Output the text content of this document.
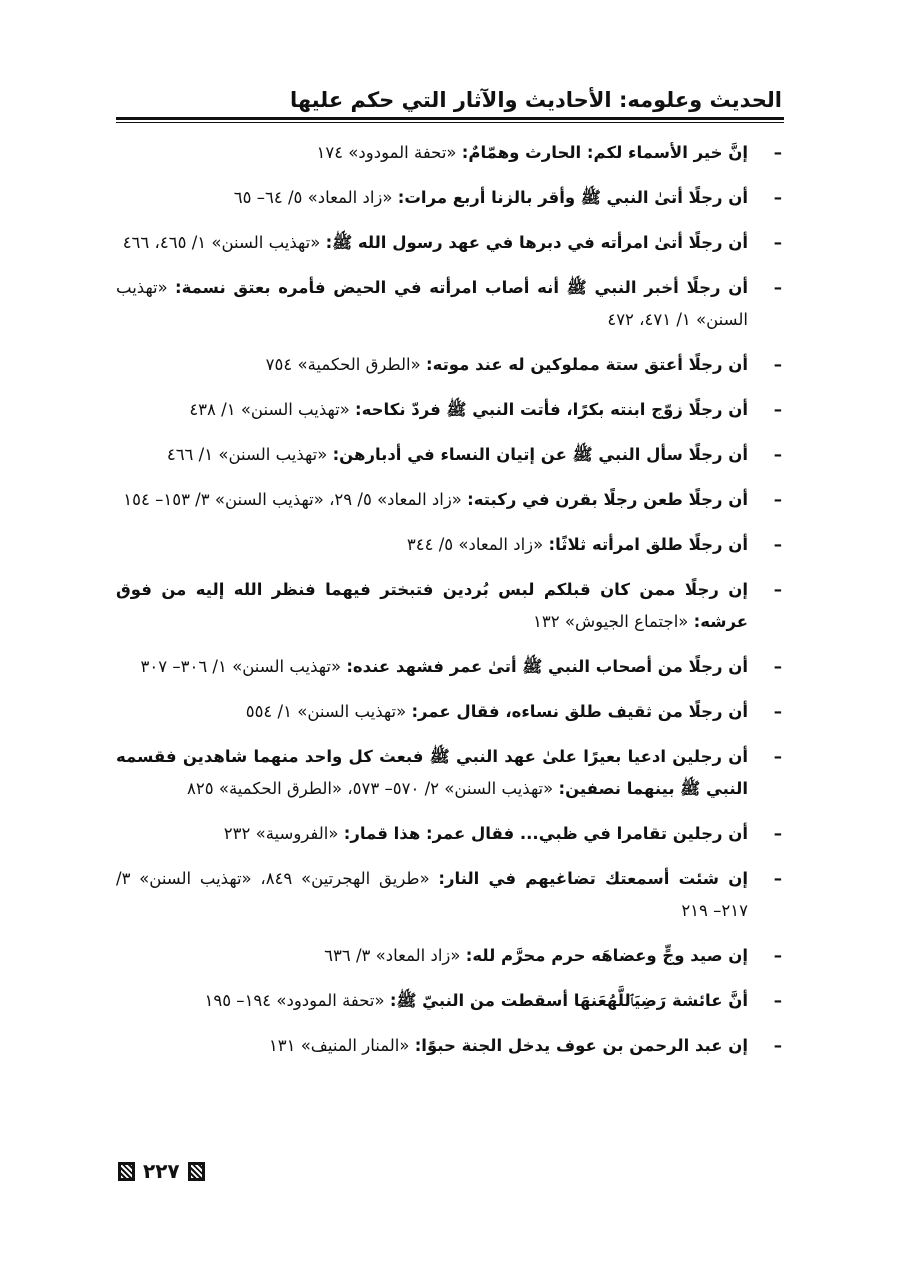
الحديث وعلومه: الأحاديث والآثار التي حكم عليها
–
إنَّ خير الأسماء لكم: الحارث وهمّامٌ: «تحفة المودود» ١٧٤
–
أن رجلًا أتىٰ النبي ﷺ وأقر بالزنا أربع مرات: «زاد المعاد» ٥/ ٦٤– ٦٥
–
أن رجلًا أتىٰ امرأته في دبرها في عهد رسول الله ﷺ: «تهذيب السنن» ١/ ٤٦٥، ٤٦٦
–
أن رجلًا أخبر النبي ﷺ أنه أصاب امرأته في الحيض فأمره بعتق نسمة: «تهذيب السنن» ١/ ٤٧١، ٤٧٢
–
أن رجلًا أعتق ستة مملوكين له عند موته: «الطرق الحكمية» ٧٥٤
–
أن رجلًا زوّج ابنته بكرًا، فأتت النبي ﷺ فردّ نكاحه: «تهذيب السنن» ١/ ٤٣٨
–
أن رجلًا سأل النبي ﷺ عن إتيان النساء في أدبارهن: «تهذيب السنن» ١/ ٤٦٦
–
أن رجلًا طعن رجلًا بقرن في ركبته: «زاد المعاد» ٥/ ٢٩، «تهذيب السنن» ٣/ ١٥٣– ١٥٤
–
أن رجلًا طلق امرأته ثلاثًا: «زاد المعاد» ٥/ ٣٤٤
–
إن رجلًا ممن كان قبلكم لبس بُردين فتبختر فيهما فنظر الله إليه من فوق عرشه: «اجتماع الجيوش» ١٣٢
–
أن رجلًا من أصحاب النبي ﷺ أتىٰ عمر فشهد عنده: «تهذيب السنن» ١/ ٣٠٦– ٣٠٧
–
أن رجلًا من ثقيف طلق نساءه، فقال عمر: «تهذيب السنن» ١/ ٥٥٤
–
أن رجلين ادعيا بعيرًا علىٰ عهد النبي ﷺ فبعث كل واحد منهما شاهدين فقسمه النبي ﷺ بينهما نصفين: «تهذيب السنن» ٢/ ٥٧٠– ٥٧٣، «الطرق الحكمية» ٨٢٥
–
أن رجلين تقامرا في ظبي... فقال عمر: هذا قمار: «الفروسية» ٢٣٢
–
إن شئت أسمعتك تضاغيهم في النار: «طريق الهجرتين» ٨٤٩، «تهذيب السنن» ٣/ ٢١٧– ٢١٩
–
إن صيد وجٍّ وعضاهَه حرم محرَّم لله: «زاد المعاد» ٣/ ٦٣٦
–
أنَّ عائشة رَضِيَٱللَّهُعَنهَا أسقطت من النبيّ ﷺ: «تحفة المودود» ١٩٤– ١٩٥
–
إن عبد الرحمن بن عوف يدخل الجنة حبوًا: «المنار المنيف» ١٣١
٢٢٧
